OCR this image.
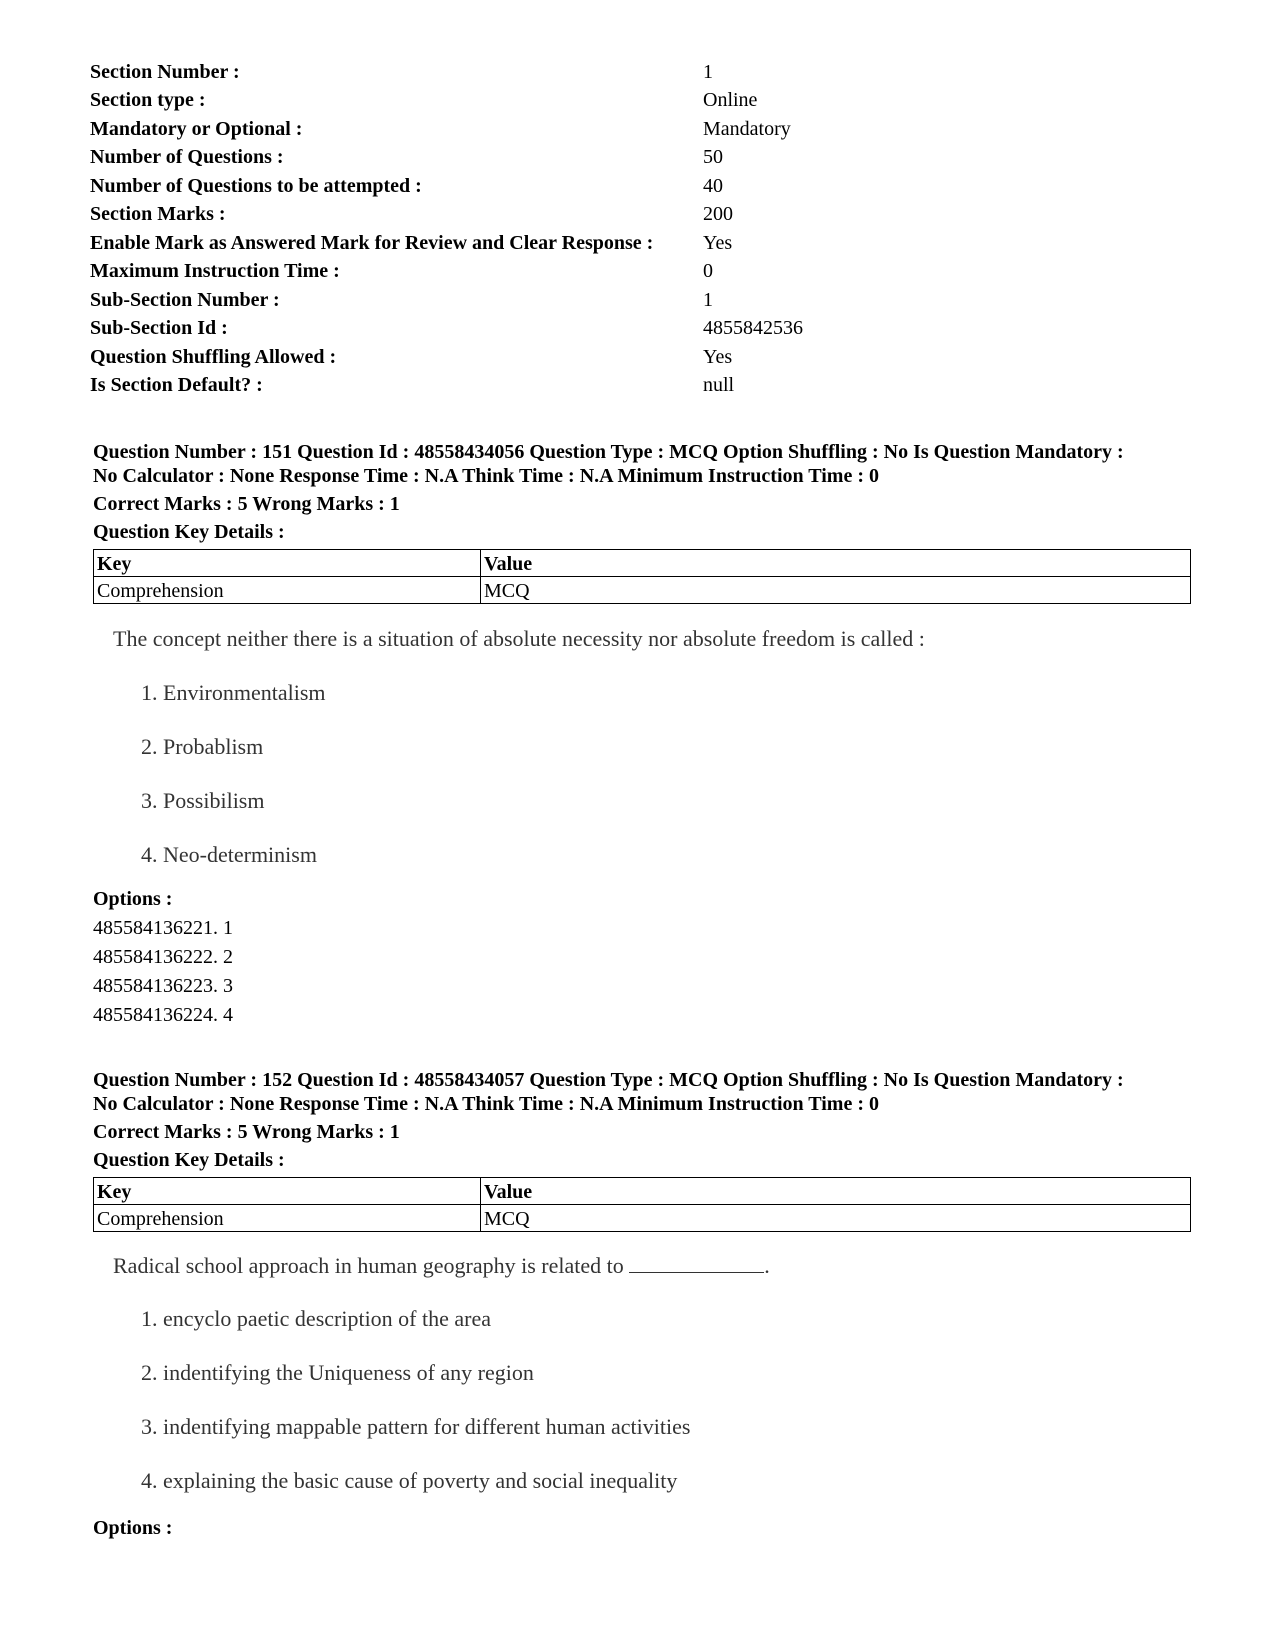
Section Number :	1
Section type :	Online
Mandatory or Optional :	Mandatory
Number of Questions :	50
Number of Questions to be attempted :	40
Section Marks :	200
Enable Mark as Answered Mark for Review and Clear Response : Yes
Maximum Instruction Time :	0
Sub-Section Number :	1
Sub-Section Id :	4855842536
Question Shuffling Allowed :	Yes
Is Section Default? :	null
Question Number : 151 Question Id : 48558434056 Question Type : MCQ Option Shuffling : No Is Question Mandatory :
No Calculator : None Response Time : N.A Think Time : N.A Minimum Instruction Time : 0
Correct Marks : 5 Wrong Marks : 1
Question Key Details :
Key	Value
Comprehension	MCQ
The concept neither there is a situation of absolute necessity nor absolute freedom is called :
1. Environmentalism
2. Probablism
3. Possibilism
4. Neo-determinism
Options :
485584136221. 1
485584136222. 2
485584136223. 3
485584136224. 4
Question Number : 152 Question Id : 48558434057 Question Type : MCQ Option Shuffling : No Is Question Mandatory :
No Calculator : None Response Time : N.A Think Time : N.A Minimum Instruction Time : 0
Correct Marks : 5 Wrong Marks : 1
Question Key Details :
Key	Value
Comprehension	MCQ
Radical school approach in human geography is related to	.
1. encyclo paetic description of the area
2. indentifying the Uniqueness of any region
3. indentifying mappable pattern for different human activities
4. explaining the basic cause of poverty and social inequality
Options :
